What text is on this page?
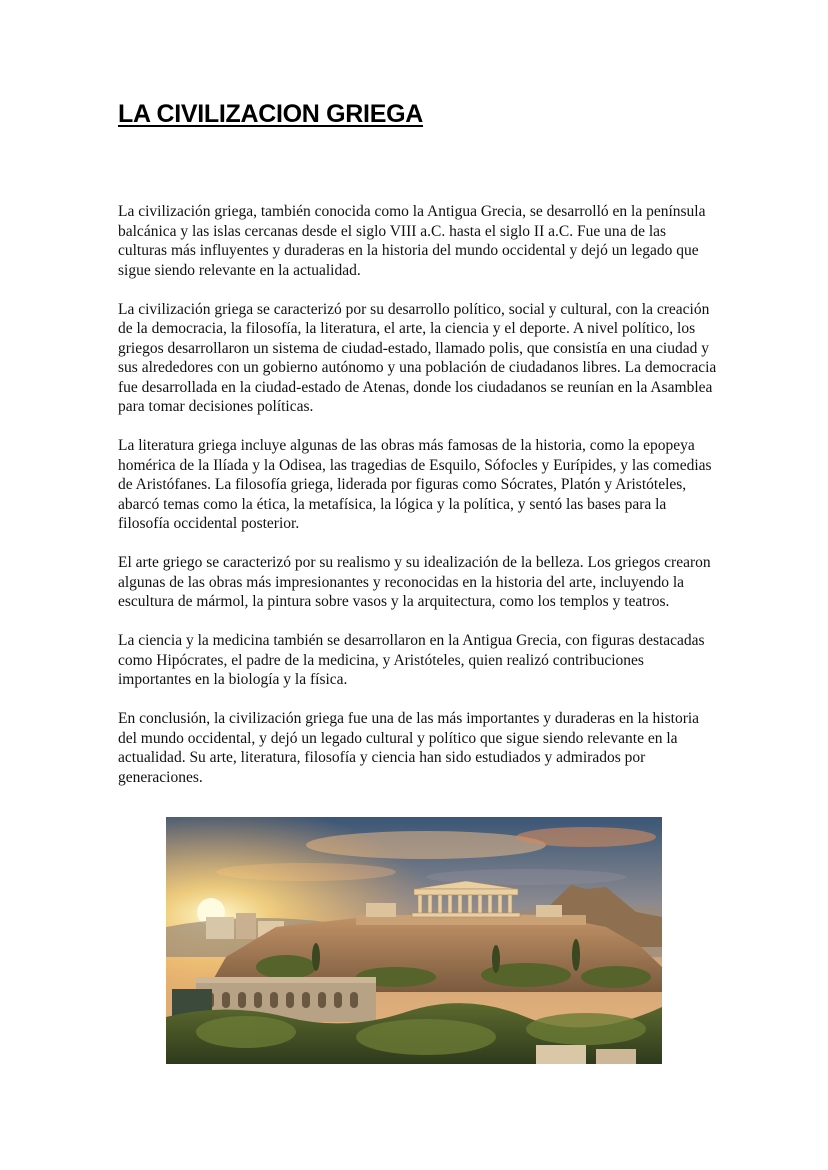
LA CIVILIZACION GRIEGA

La civilización griega, también conocida como la Antigua Grecia, se desarrolló en la península balcánica y las islas cercanas desde el siglo VIII a.C. hasta el siglo II a.C. Fue una de las culturas más influyentes y duraderas en la historia del mundo occidental y dejó un legado que sigue siendo relevante en la actualidad.

La civilización griega se caracterizó por su desarrollo político, social y cultural, con la creación de la democracia, la filosofía, la literatura, el arte, la ciencia y el deporte. A nivel político, los griegos desarrollaron un sistema de ciudad-estado, llamado polis, que consistía en una ciudad y sus alrededores con un gobierno autónomo y una población de ciudadanos libres. La democracia fue desarrollada en la ciudad-estado de Atenas, donde los ciudadanos se reunían en la Asamblea para tomar decisiones políticas.

La literatura griega incluye algunas de las obras más famosas de la historia, como la epopeya homérica de la Ilíada y la Odisea, las tragedias de Esquilo, Sófocles y Eurípides, y las comedias de Aristófanes. La filosofía griega, liderada por figuras como Sócrates, Platón y Aristóteles, abarcó temas como la ética, la metafísica, la lógica y la política, y sentó las bases para la filosofía occidental posterior.

El arte griego se caracterizó por su realismo y su idealización de la belleza. Los griegos crearon algunas de las obras más impresionantes y reconocidas en la historia del arte, incluyendo la escultura de mármol, la pintura sobre vasos y la arquitectura, como los templos y teatros.

La ciencia y la medicina también se desarrollaron en la Antigua Grecia, con figuras destacadas como Hipócrates, el padre de la medicina, y Aristóteles, quien realizó contribuciones importantes en la biología y la física.

En conclusión, la civilización griega fue una de las más importantes y duraderas en la historia del mundo occidental, y dejó un legado cultural y político que sigue siendo relevante en la actualidad. Su arte, literatura, filosofía y ciencia han sido estudiados y admirados por generaciones.
